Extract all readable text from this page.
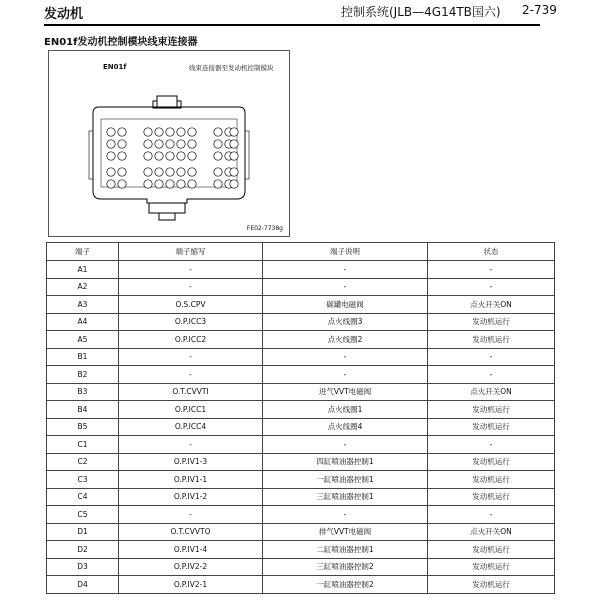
发动机	控制系统(JLB—4G14TB国六) 2-739
EN01f发动机控制模块线束连接器
EN01f	线束连接器至发动机控制模块
FE02-7738g
端子	端子缩写	端子说明	状态
A1	-	-	-
A2	-	-	-
A3	O.S.CPV	碳罐电磁阀	点火开关ON
A4	O.P.ICC3	点火线圈3	发动机运行
A5	O.P.ICC2	点火线圈2	发动机运行
B1	-	-	-
B2	-	-	-
B3	O.T.CVVTI	进气VVT电磁阀	点火开关ON
B4	O.P.ICC1	点火线圈1	发动机运行
B5	O.P.ICC4	点火线圈4	发动机运行
C1	-	-	-
C2	O.P.IV1-3	四缸喷油器控制1	发动机运行
C3	O.P.IV1-1	一缸喷油器控制1	发动机运行
C4	O.P.IV1-2	三缸喷油器控制1	发动机运行
C5	-	-	-
D1	O.T.CVVTO	排气VVT电磁阀	点火开关ON
D2	O.P.IV1-4	二缸喷油器控制1	发动机运行
D3	O.P.IV2-2	三缸喷油器控制2	发动机运行
D4	O.P.IV2-1	一缸喷油器控制2	发动机运行
